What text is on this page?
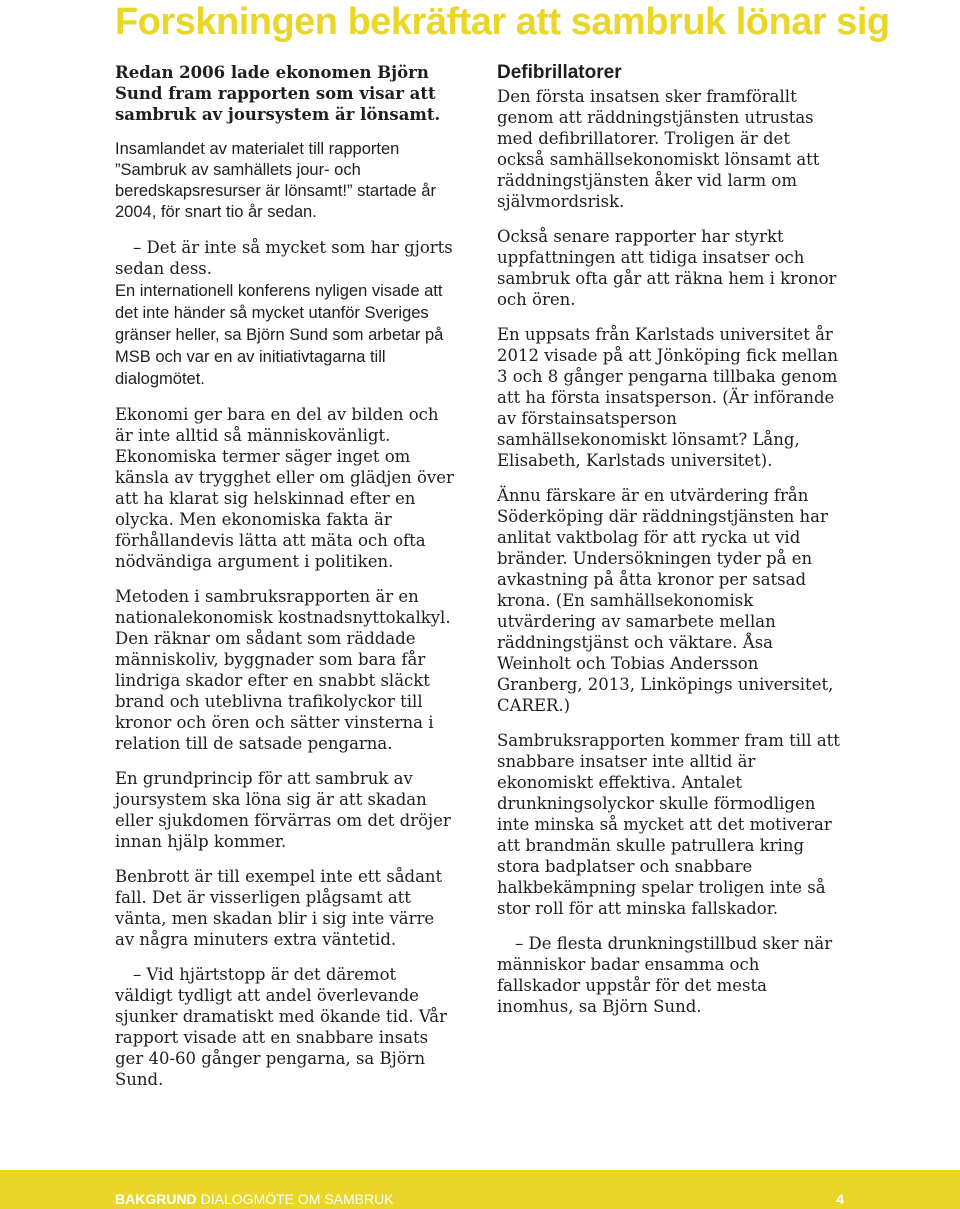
Forskningen bekräftar att sambruk lönar sig

Redan 2006 lade ekonomen Björn Sund fram rapporten som visar att sambruk av joursystem är lönsamt.

Insamlandet av materialet till rapporten ”Sambruk av samhällets jour- och beredskapsresurser är lönsamt!” startade år 2004, för snart tio år sedan.

– Det är inte så mycket som har gjorts sedan dess. En internationell konferens nyligen visade att det inte händer så mycket utanför Sveriges gränser heller, sa Björn Sund som arbetar på MSB och var en av initiativtagarna till dialogmötet.

Ekonomi ger bara en del av bilden och är inte alltid så människovänligt. Ekonomiska termer säger inget om känsla av trygghet eller om glädjen över att ha klarat sig helskinnad efter en olycka. Men ekonomiska fakta är förhållandevis lätta att mäta och ofta nödvändiga argument i politiken.

Metoden i sambruksrapporten är en nationalekonomisk kostnadsnyttokalkyl. Den räknar om sådant som räddade människoliv, byggnader som bara får lindriga skador efter en snabbt släckt brand och uteblivna trafikolyckor till kronor och ören och sätter vinsterna i relation till de satsade pengarna.

En grundprincip för att sambruk av joursystem ska löna sig är att skadan eller sjukdomen förvärras om det dröjer innan hjälp kommer.

Benbrott är till exempel inte ett sådant fall. Det är visserligen plågsamt att vänta, men skadan blir i sig inte värre av några minuters extra väntetid.

– Vid hjärtstopp är det däremot väldigt tydligt att andel överlevande sjunker dramatiskt med ökande tid. Vår rapport visade att en snabbare insats ger 40-60 gånger pengarna, sa Björn Sund.

Defibrillatorer

Den första insatsen sker framförallt genom att räddningstjänsten utrustas med defibrillatorer. Troligen är det också samhällsekonomiskt lönsamt att räddningstjänsten åker vid larm om självmordsrisk.

Också senare rapporter har styrkt uppfattningen att tidiga insatser och sambruk ofta går att räkna hem i kronor och ören.

En uppsats från Karlstads universitet år 2012 visade på att Jönköping fick mellan 3 och 8 gånger pengarna tillbaka genom att ha första insatsperson. (Är införande av förstainsatsperson samhällsekonomiskt lönsamt? Lång, Elisabeth, Karlstads universitet).

Ännu färskare är en utvärdering från Söderköping där räddningstjänsten har anlitat vaktbolag för att rycka ut vid bränder. Undersökningen tyder på en avkastning på åtta kronor per satsad krona. (En samhällsekonomisk utvärdering av samarbete mellan räddningstjänst och väktare. Åsa Weinholt och Tobias Andersson Granberg, 2013, Linköpings universitet, CARER.)

Sambruksrapporten kommer fram till att snabbare insatser inte alltid är ekonomiskt effektiva. Antalet drunkningsolyckor skulle förmodligen inte minska så mycket att det motiverar att brandmän skulle patrullera kring stora badplatser och snabbare halkbekämpning spelar troligen inte så stor roll för att minska fallskador.

– De flesta drunkningstillbud sker när människor badar ensamma och fallskador uppstår för det mesta inomhus, sa Björn Sund.

BAKGRUND DIALOGMÖTE OM SAMBRUK	4
